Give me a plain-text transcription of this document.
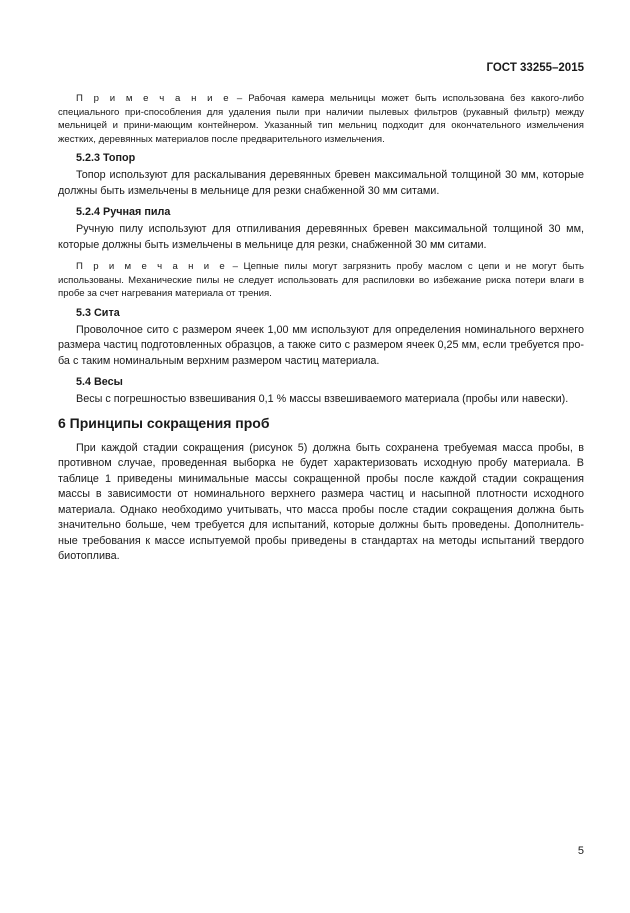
ГОСТ 33255–2015

П р и м е ч а н и е – Рабочая камера мельницы может быть использована без какого-либо специального при-способления для удаления пыли при наличии пылевых фильтров (рукавный фильтр) между мельницей и прини-мающим контейнером. Указанный тип мельниц подходит для окончательного измельчения жестких, деревянных материалов после предварительного измельчения.

5.2.3 Топор

Топор используют для раскалывания деревянных бревен максимальной толщиной 30 мм, которые должны быть измельчены в мельнице для резки снабженной 30 мм ситами.

5.2.4 Ручная пила

Ручную пилу используют для отпиливания деревянных бревен максимальной толщиной 30 мм, которые должны быть измельчены в мельнице для резки, снабженной 30 мм ситами.

П р и м е ч а н и е – Цепные пилы могут загрязнить пробу маслом с цепи и не могут быть использованы. Механические пилы не следует использовать для распиловки во избежание риска потери влаги в пробе за счет нагревания материала от трения.

5.3 Сита

Проволочное сито с размером ячеек 1,00 мм используют для определения номинального верхнего размера частиц подготовленных образцов, а также сито с размером ячеек 0,25 мм, если требуется про-ба с таким номинальным верхним размером частиц материала.

5.4 Весы

Весы с погрешностью взвешивания 0,1 % массы взвешиваемого материала (пробы или навески).

6 Принципы сокращения проб

При каждой стадии сокращения (рисунок 5) должна быть сохранена требуемая масса пробы, в противном случае, проведенная выборка не будет характеризовать исходную пробу материала. В таблице 1 приведены минимальные массы сокращенной пробы после каждой стадии сокращения массы в зависимости от номинального верхнего размера частиц и насыпной плотности исходного материала. Однако необходимо учитывать, что масса пробы после стадии сокращения должна быть значительно больше, чем требуется для испытаний, которые должны быть проведены. Дополнитель-ные требования к массе испытуемой пробы приведены в стандартах на методы испытаний твердого биотоплива.

5
